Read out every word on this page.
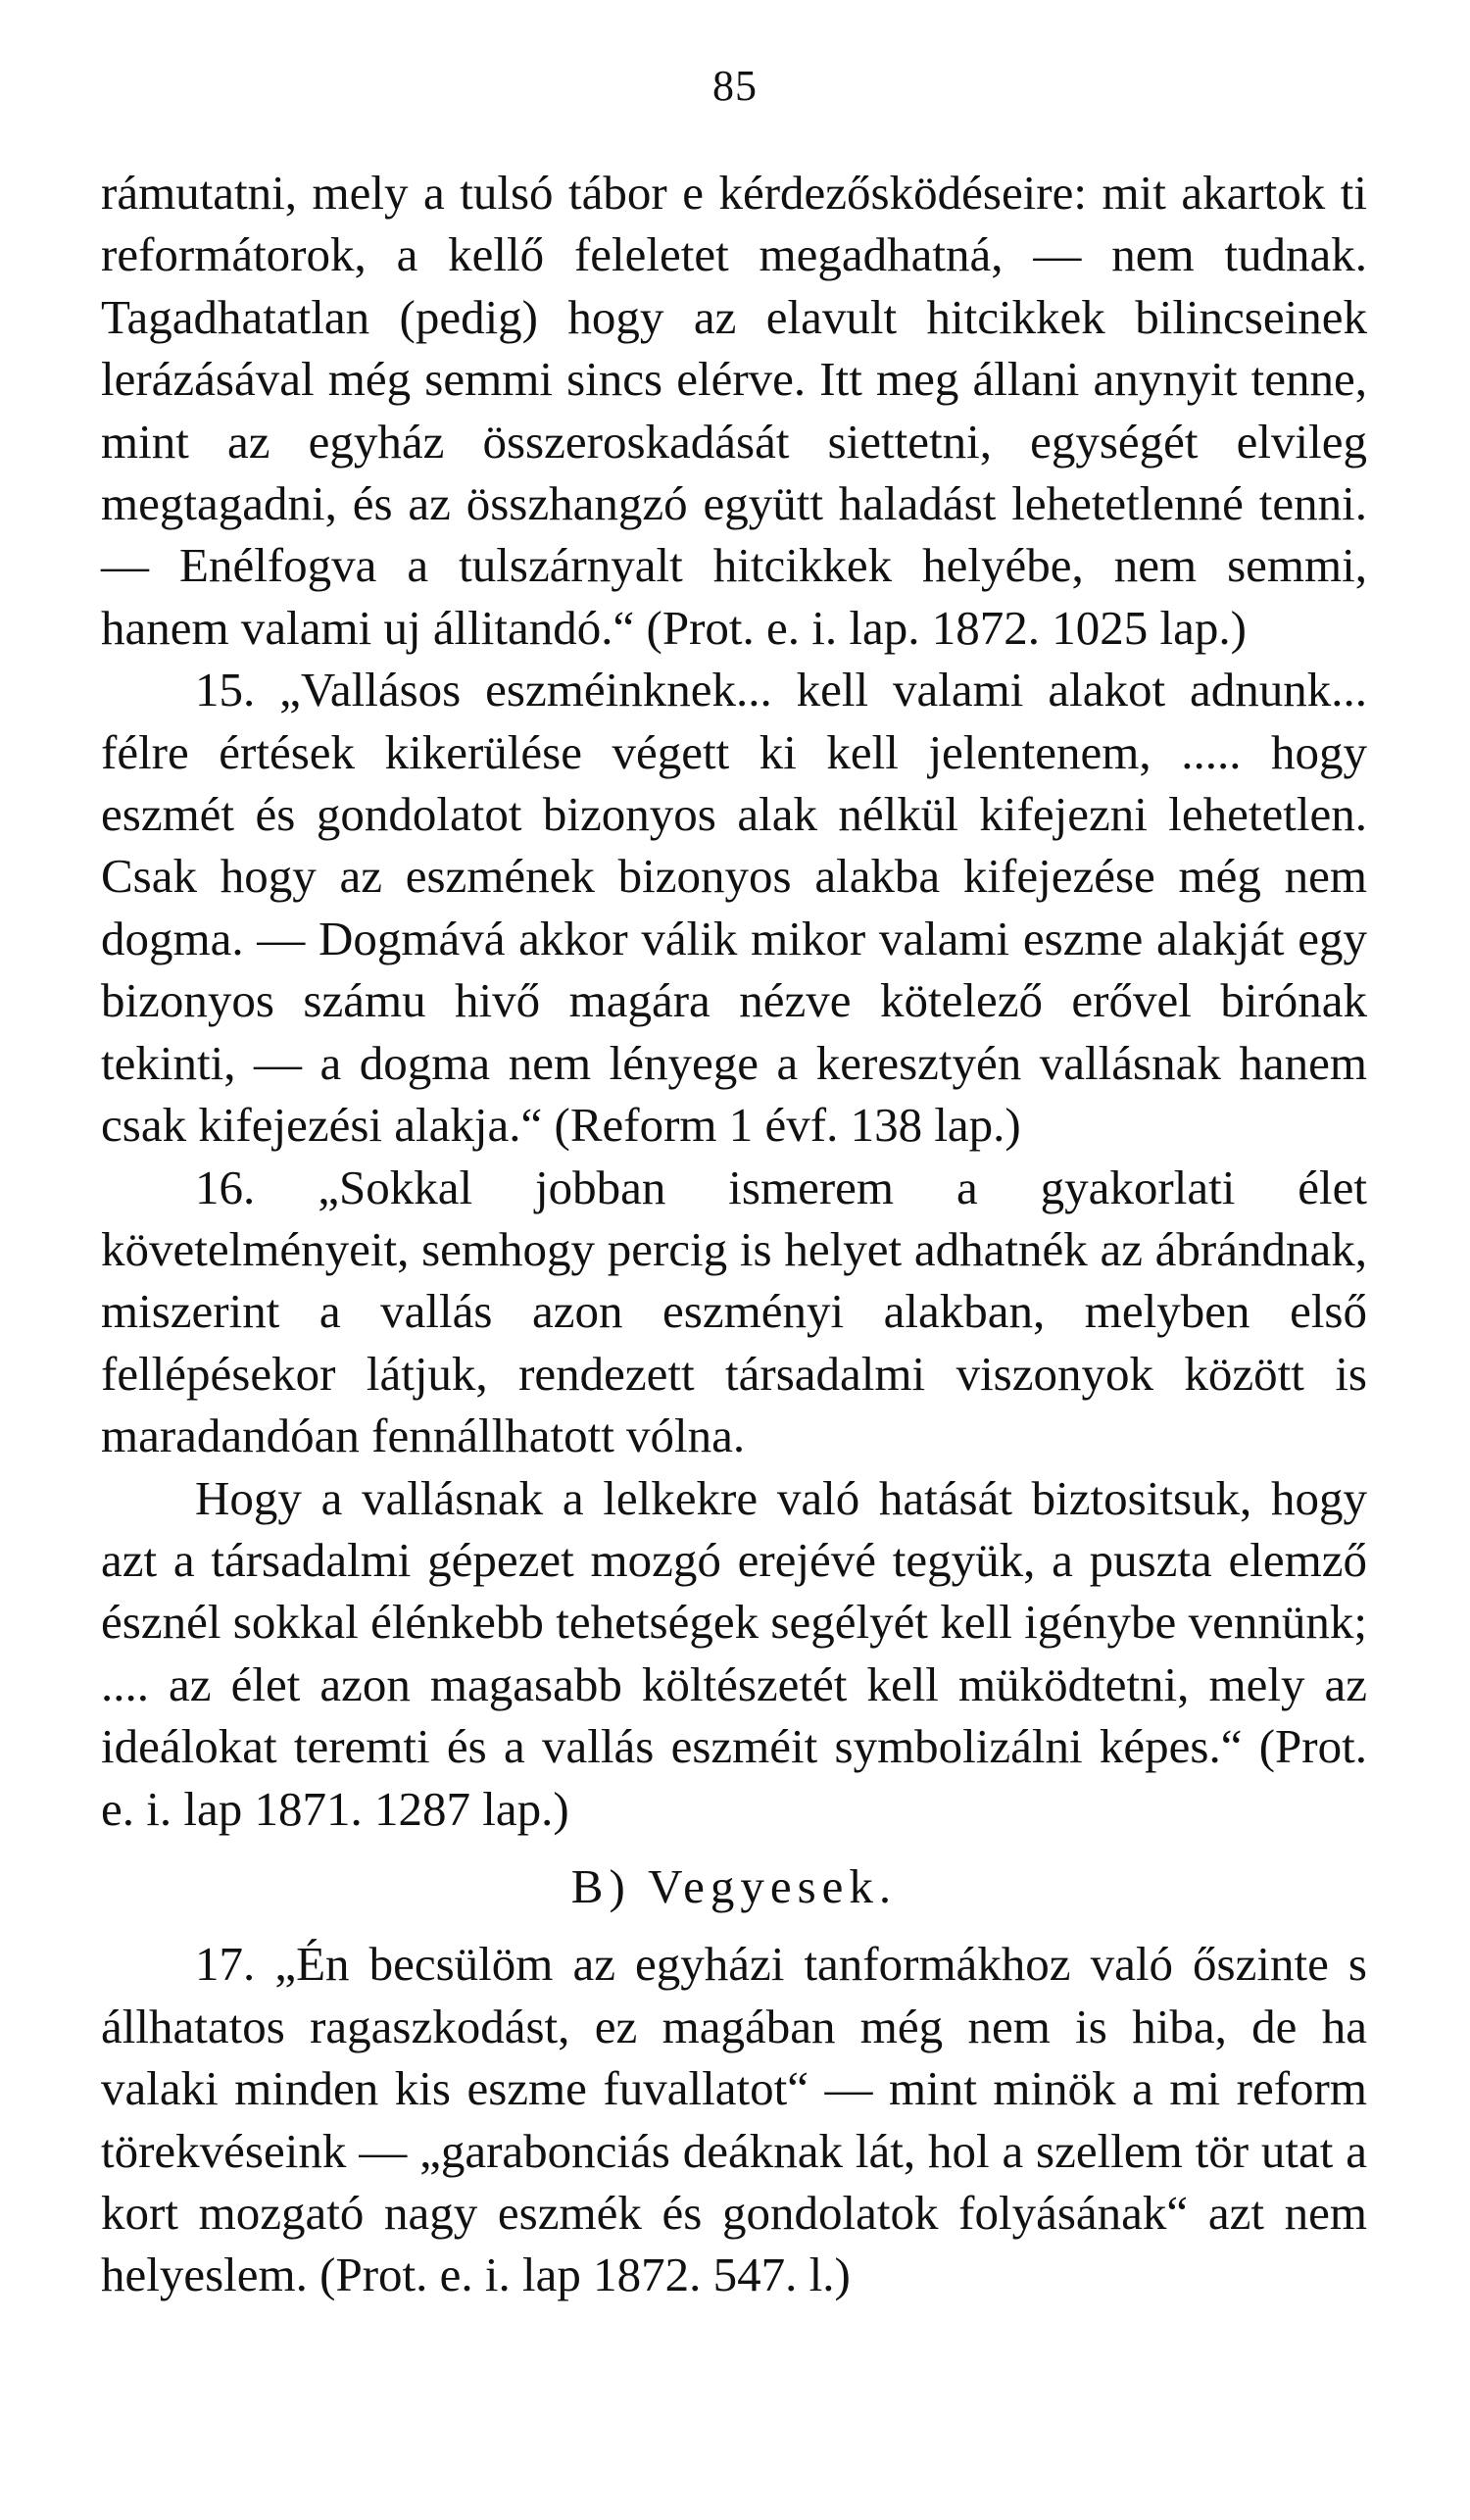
85

rámutatni, mely a tulsó tábor e kérdezősködéseire: mit akartok ti reformátorok, a kellő feleletet megadhatná, — nem tudnak. Tagadhatatlan (pedig) hogy az elavult hitcikkek bilincseinek lerázásával még semmi sincs elérve. Itt meg állani anynyit tenne, mint az egyház összeroskadását siettetni, egységét elvileg megtagadni, és az összhangzó együtt haladást lehetetlenné tenni. — Enélfogva a tulszárnyalt hitcikkek helyébe, nem semmi, hanem valami uj állitandó.“ (Prot. e. i. lap. 1872. 1025 lap.)

15. „Vallásos eszméinknek... kell valami alakot adnunk... félre értések kikerülése végett ki kell jelentenem, ..... hogy eszmét és gondolatot bizonyos alak nélkül kifejezni lehetetlen. Csak hogy az eszmének bizonyos alakba kifejezése még nem dogma. — Dogmává akkor válik mikor valami eszme alakját egy bizonyos számu hivő magára nézve kötelező erővel birónak tekinti, — a dogma nem lényege a keresztyén vallásnak hanem csak kifejezési alakja.“ (Reform 1 évf. 138 lap.)

16. „Sokkal jobban ismerem a gyakorlati élet követelményeit, semhogy percig is helyet adhatnék az ábrándnak, miszerint a vallás azon eszményi alakban, melyben első fellépésekor látjuk, rendezett társadalmi viszonyok között is maradandóan fennállhatott vólna.

Hogy a vallásnak a lelkekre való hatását biztositsuk, hogy azt a társadalmi gépezet mozgó erejévé tegyük, a puszta elemző észnél sokkal élénkebb tehetségek segélyét kell igénybe vennünk; .... az élet azon magasabb költészetét kell müködtetni, mely az ideálokat teremti és a vallás eszméit symbolizálni képes.“ (Prot. e. i. lap 1871. 1287 lap.)

B) Vegyesek.

17. „Én becsülöm az egyházi tanformákhoz való őszinte s állhatatos ragaszkodást, ez magában még nem is hiba, de ha valaki minden kis eszme fuvallatot“ — mint minök a mi reform törekvéseink — „garabonciás deáknak lát, hol a szellem tör utat a kort mozgató nagy eszmék és gondolatok folyásának“ azt nem helyeslem. (Prot. e. i. lap 1872. 547. l.)
